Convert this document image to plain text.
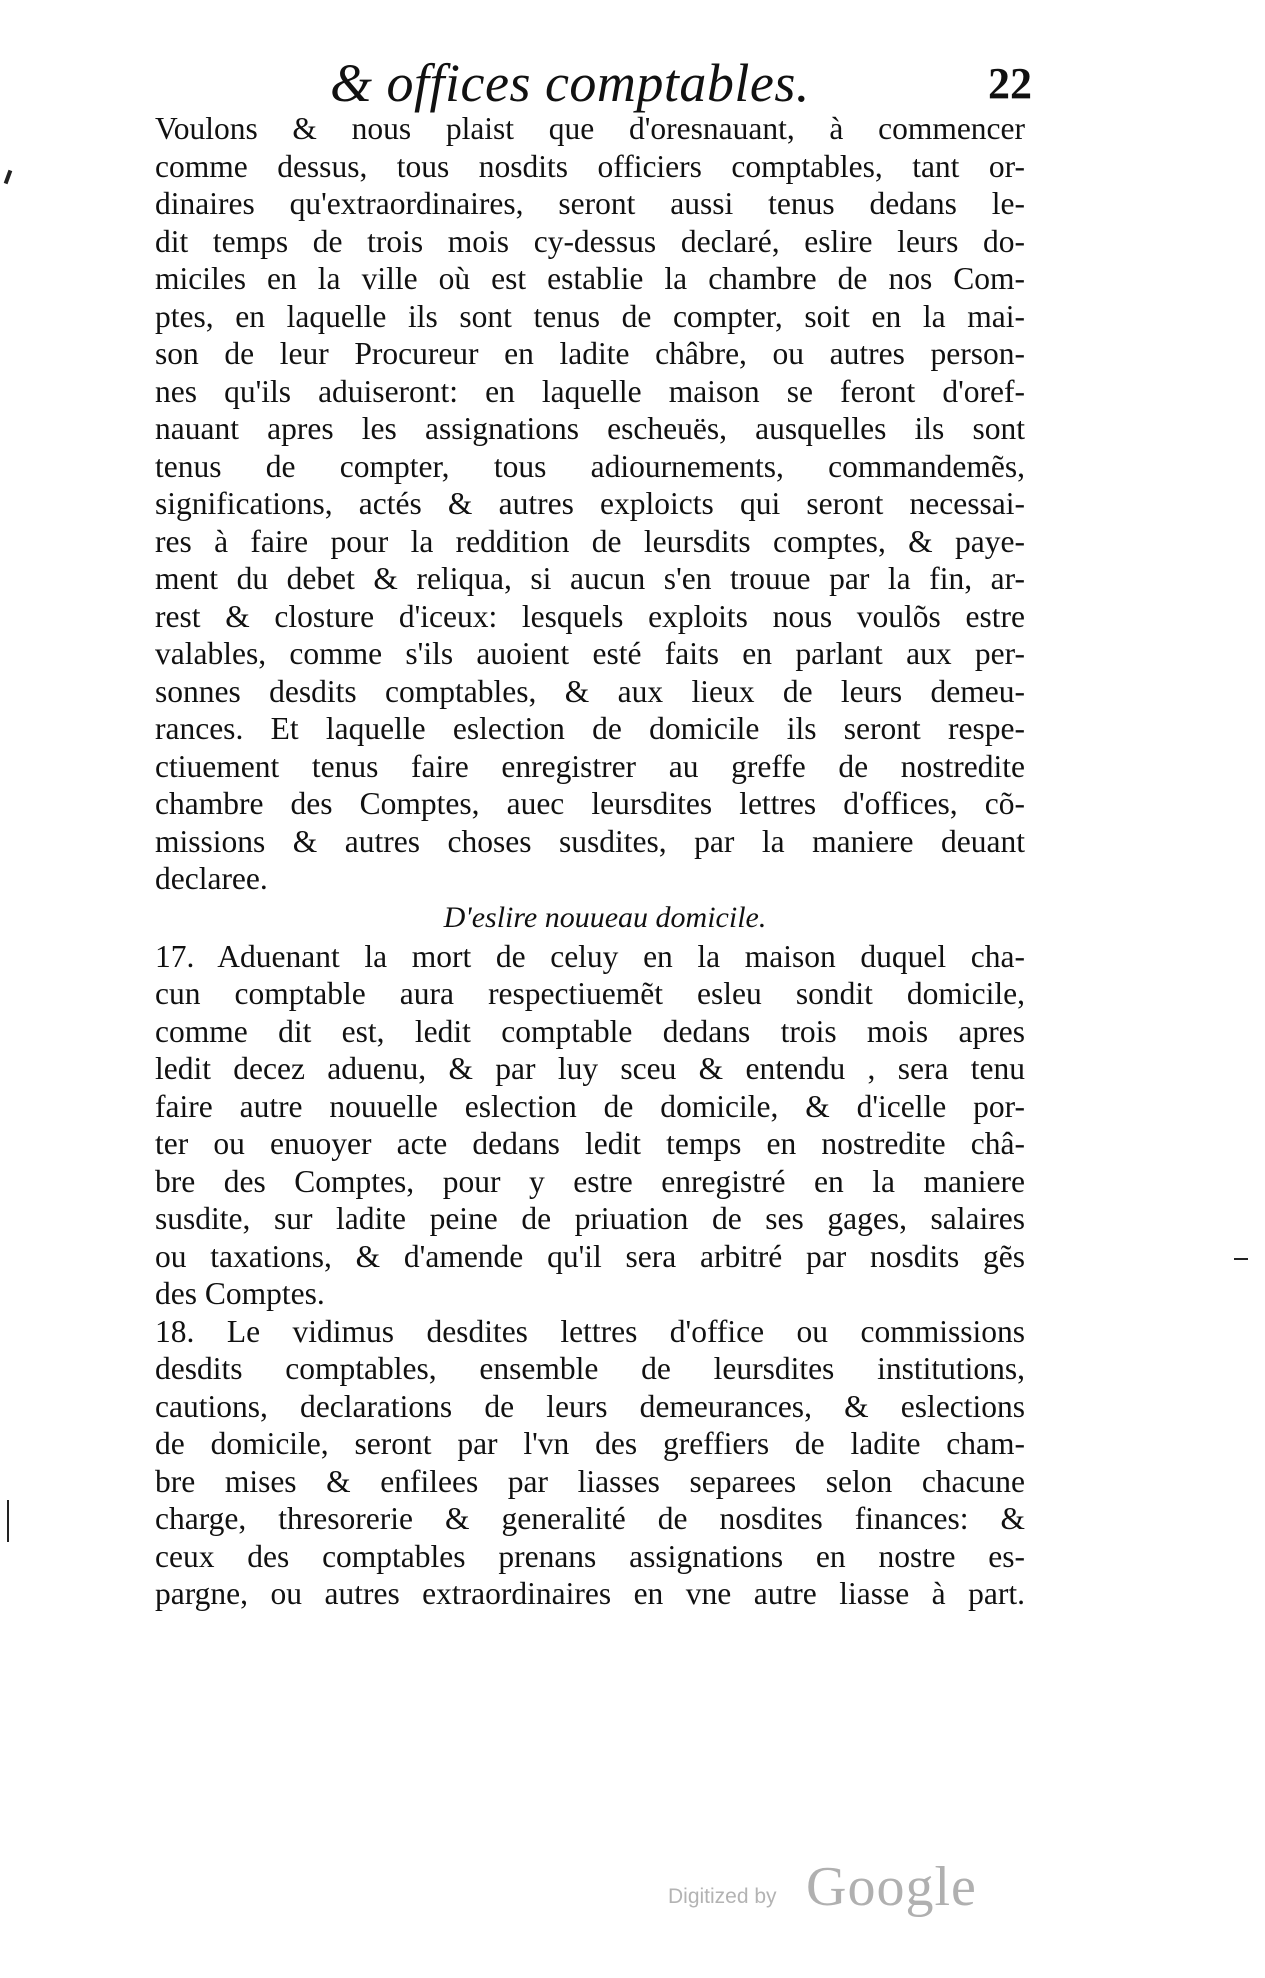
& offices comptables.	22
Voulons & nous plaist que d'oresnauant, à commencer
comme dessus, tous nosdits officiers comptables, tant or-
dinaires qu'extraordinaires, seront aussi tenus dedans le-
dit temps de trois mois cy-dessus declaré, eslire leurs do-
miciles en la ville où est establie la chambre de nos Com-
ptes, en laquelle ils sont tenus de compter, soit en la mai-
son de leur Procureur en ladite châbre, ou autres person-
nes qu'ils aduiseront: en laquelle maison se feront d'oref-
nauant apres les assignations escheuës, ausquelles ils sont
tenus de compter, tous adiournements, commandemẽs,
significations, actés & autres exploicts qui seront necessai-
res à faire pour la reddition de leursdits comptes, & paye-
ment du debet & reliqua, si aucun s'en trouue par la fin, ar-
rest & closture d'iceux: lesquels exploits nous voulõs estre
valables, comme s'ils auoient esté faits en parlant aux per-
sonnes desdits comptables, & aux lieux de leurs demeu-
rances. Et laquelle eslection de domicile ils seront respe-
ctiuement tenus faire enregistrer au greffe de nostredite
chambre des Comptes, auec leursdites lettres d'offices, cõ-
missions & autres choses susdites, par la maniere deuant
declaree.
D'eslire nouueau domicile.
17. Aduenant la mort de celuy en la maison duquel cha-
cun comptable aura respectiuemẽt esleu sondit domicile,
comme dit est, ledit comptable dedans trois mois apres
ledit decez aduenu, & par luy sceu & entendu , sera tenu
faire autre nouuelle eslection de domicile, & d'icelle por-
ter ou enuoyer acte dedans ledit temps en nostredite châ-
bre des Comptes, pour y estre enregistré en la maniere
susdite, sur ladite peine de priuation de ses gages, salaires
ou taxations, & d'amende qu'il sera arbitré par nosdits gẽs
des Comptes.
18. Le vidimus desdites lettres d'office ou commissions
desdits comptables, ensemble de leursdites institutions,
cautions, declarations de leurs demeurances, & eslections
de domicile, seront par l'vn des greffiers de ladite cham-
bre mises & enfilees par liasses separees selon chacune
charge, thresorerie & generalité de nosdites finances: &
ceux des comptables prenans assignations en nostre es-
pargne, ou autres extraordinaires en vne autre liasse à part.
Digitized by Google
